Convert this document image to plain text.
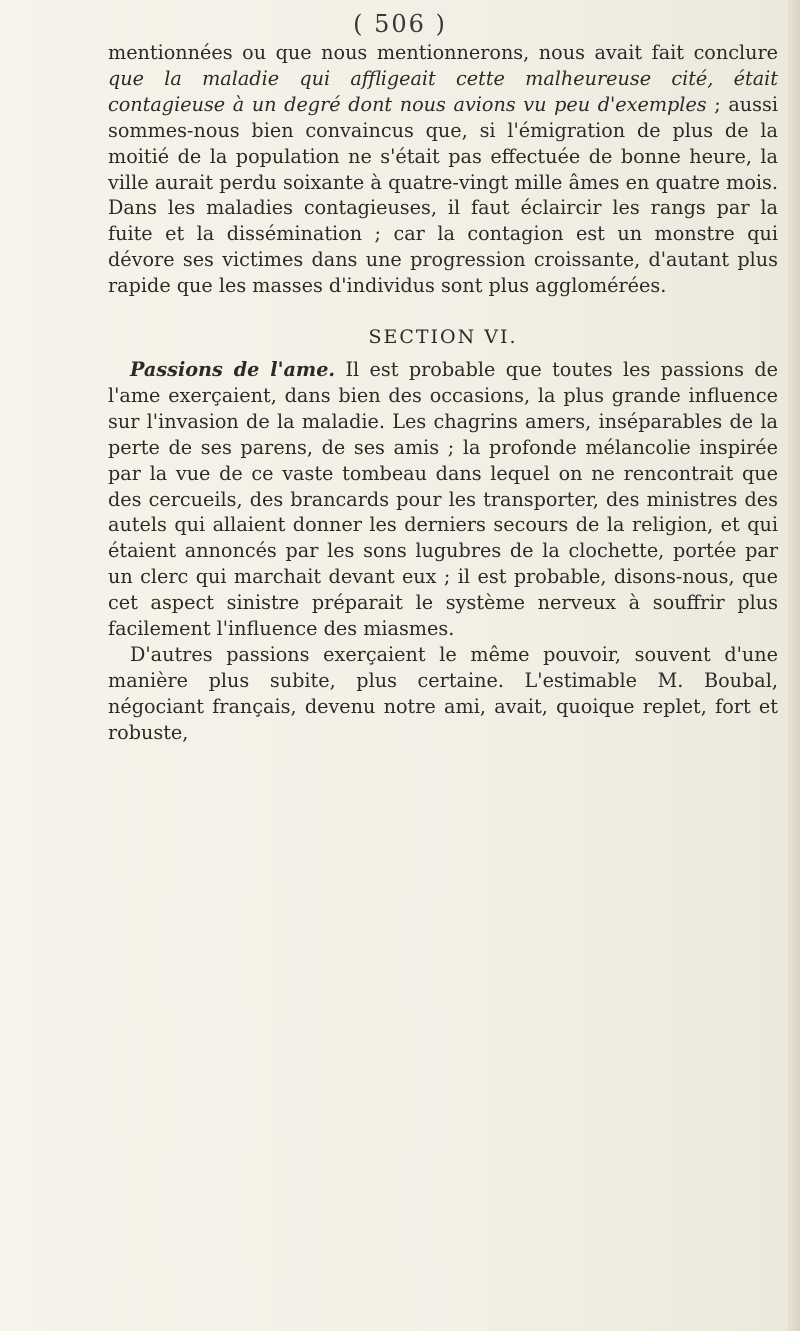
( 506 )

mentionnées ou que nous mentionnerons, nous avait fait conclure que la maladie qui affligeait cette malheureuse cité, était contagieuse à un degré dont nous avions vu peu d'exemples ; aussi sommes-nous bien convaincus que, si l'émigration de plus de la moitié de la population ne s'était pas effectuée de bonne heure, la ville aurait perdu soixante à quatre-vingt mille âmes en quatre mois. Dans les maladies contagieuses, il faut éclaircir les rangs par la fuite et la dissémination ; car la contagion est un monstre qui dévore ses victimes dans une progression croissante, d'autant plus rapide que les masses d'individus sont plus agglomérées.

SECTION VI.

Passions de l'ame. Il est probable que toutes les passions de l'ame exerçaient, dans bien des occasions, la plus grande influence sur l'invasion de la maladie. Les chagrins amers, inséparables de la perte de ses parens, de ses amis ; la profonde mélancolie inspirée par la vue de ce vaste tombeau dans lequel on ne rencontrait que des cercueils, des brancards pour les transporter, des ministres des autels qui allaient donner les derniers secours de la religion, et qui étaient annoncés par les sons lugubres de la clochette, portée par un clerc qui marchait devant eux ; il est probable, disons-nous, que cet aspect sinistre préparait le système nerveux à souffrir plus facilement l'influence des miasmes.

D'autres passions exerçaient le même pouvoir, souvent d'une manière plus subite, plus certaine. L'estimable M. Boubal, négociant français, devenu notre ami, avait, quoique replet, fort et robuste,
